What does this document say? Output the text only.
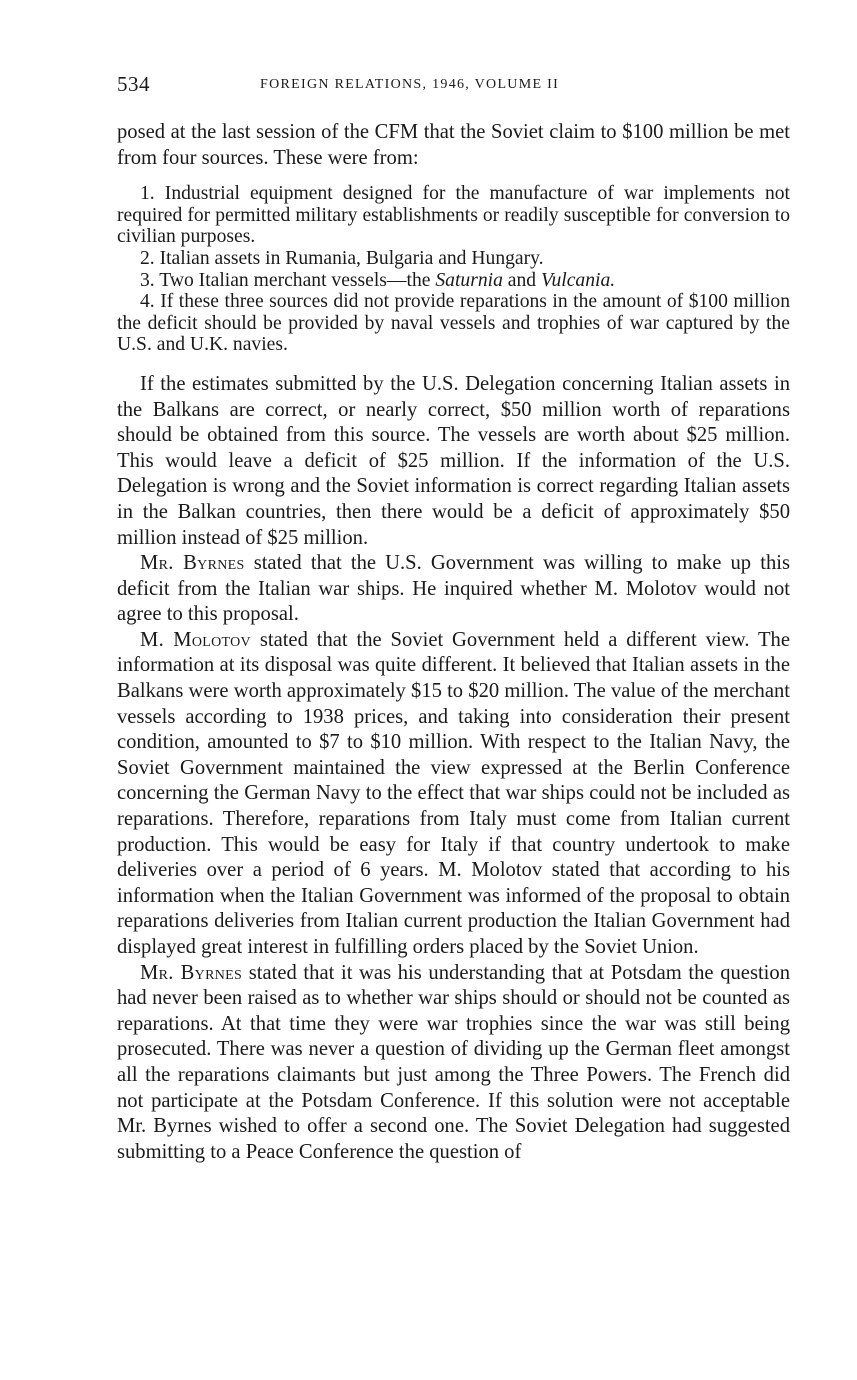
534	FOREIGN RELATIONS, 1946, VOLUME II

posed at the last session of the CFM that the Soviet claim to $100 million be met from four sources. These were from:

1. Industrial equipment designed for the manufacture of war implements not required for permitted military establishments or readily susceptible for conversion to civilian purposes.

2. Italian assets in Rumania, Bulgaria and Hungary.

3. Two Italian merchant vessels—the Saturnia and Vulcania.

4. If these three sources did not provide reparations in the amount of $100 million the deficit should be provided by naval vessels and trophies of war captured by the U.S. and U.K. navies.

If the estimates submitted by the U.S. Delegation concerning Italian assets in the Balkans are correct, or nearly correct, $50 million worth of reparations should be obtained from this source. The vessels are worth about $25 million. This would leave a deficit of $25 million. If the information of the U.S. Delegation is wrong and the Soviet information is correct regarding Italian assets in the Balkan countries, then there would be a deficit of approximately $50 million instead of $25 million.

Mr. Byrnes stated that the U.S. Government was willing to make up this deficit from the Italian war ships. He inquired whether M. Molotov would not agree to this proposal.

M. Molotov stated that the Soviet Government held a different view. The information at its disposal was quite different. It believed that Italian assets in the Balkans were worth approximately $15 to $20 million. The value of the merchant vessels according to 1938 prices, and taking into consideration their present condition, amounted to $7 to $10 million. With respect to the Italian Navy, the Soviet Government maintained the view expressed at the Berlin Conference concerning the German Navy to the effect that war ships could not be included as reparations. Therefore, reparations from Italy must come from Italian current production. This would be easy for Italy if that country undertook to make deliveries over a period of 6 years. M. Molotov stated that according to his information when the Italian Government was informed of the proposal to obtain reparations deliveries from Italian current production the Italian Government had displayed great interest in fulfilling orders placed by the Soviet Union.

Mr. Byrnes stated that it was his understanding that at Potsdam the question had never been raised as to whether war ships should or should not be counted as reparations. At that time they were war trophies since the war was still being prosecuted. There was never a question of dividing up the German fleet amongst all the reparations claimants but just among the Three Powers. The French did not participate at the Potsdam Conference. If this solution were not acceptable Mr. Byrnes wished to offer a second one. The Soviet Delegation had suggested submitting to a Peace Conference the question of
